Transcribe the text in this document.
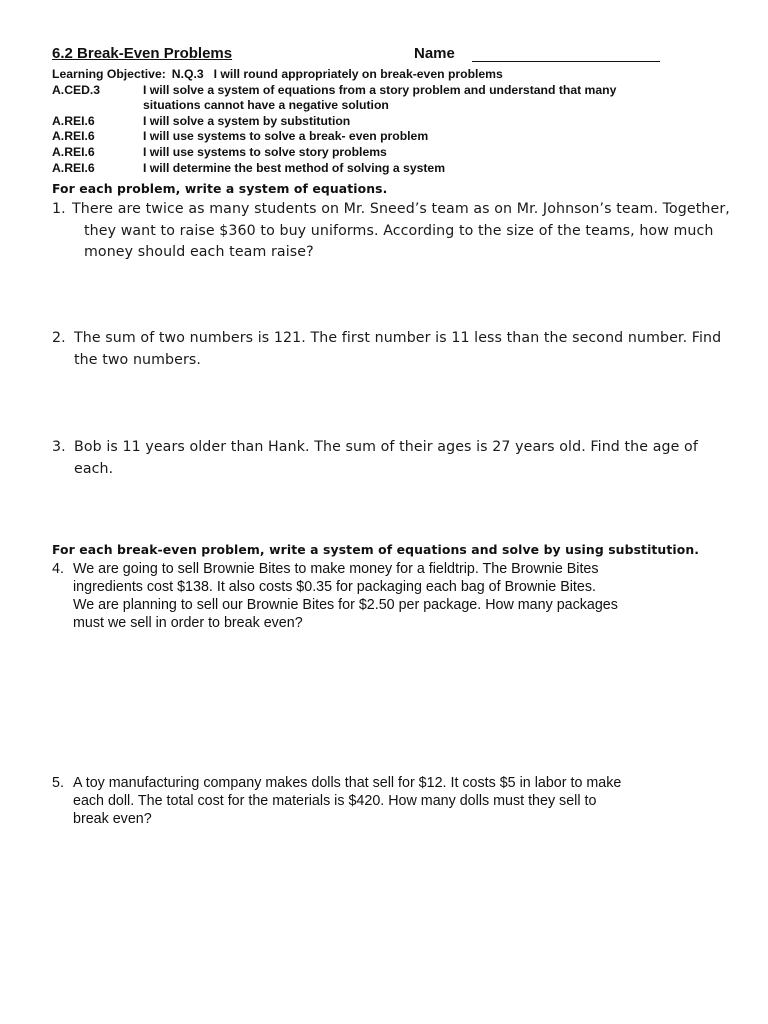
6.2 Break-Even Problems	Name
Learning Objective: N.Q.3 I will round appropriately on break-even problems
A.CED.3	I will solve a system of equations from a story problem and understand that many
situations cannot have a negative solution
A.REI.6	I will solve a system by substitution
A.REI.6	I will use systems to solve a break- even problem
A.REI.6	I will use systems to solve story problems
A.REI.6	I will determine the best method of solving a system
For each problem, write a system of equations.
1. There are twice as many students on Mr. Sneed’s team as on Mr. Johnson’s team. Together,
they want to raise $360 to buy uniforms. According to the size of the teams, how much
money should each team raise?
2. The sum of two numbers is 121. The first number is 11 less than the second number. Find
the two numbers.
3. Bob is 11 years older than Hank. The sum of their ages is 27 years old. Find the age of
each.
For each break-even problem, write a system of equations and solve by using substitution.
4. We are going to sell Brownie Bites to make money for a fieldtrip. The Brownie Bites
ingredients cost $138. It also costs $0.35 for packaging each bag of Brownie Bites.
We are planning to sell our Brownie Bites for $2.50 per package. How many packages
must we sell in order to break even?
5. A toy manufacturing company makes dolls that sell for $12. It costs $5 in labor to make
each doll. The total cost for the materials is $420. How many dolls must they sell to
break even?
